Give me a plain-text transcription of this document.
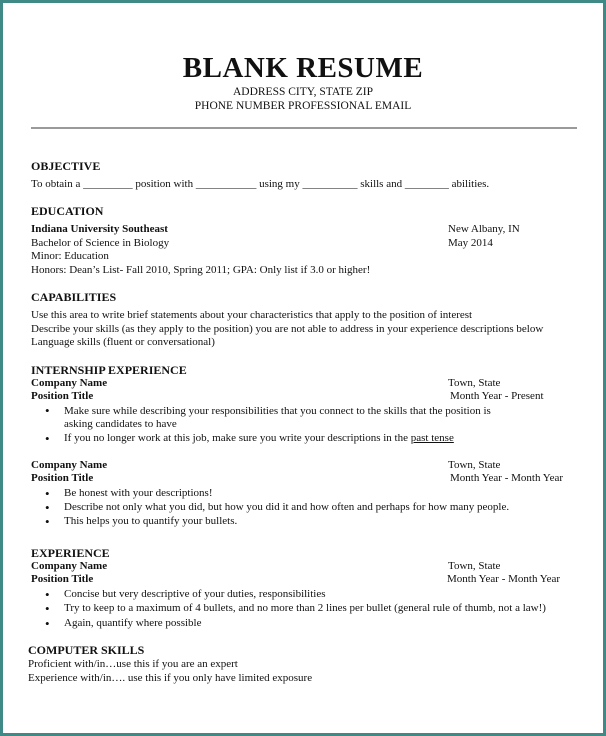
BLANK RESUME
ADDRESS CITY, STATE ZIP
PHONE NUMBER PROFESSIONAL EMAIL
OBJECTIVE
To obtain a _________ position with ___________ using my __________ skills and ________ abilities.
EDUCATION
Indiana University Southeast	New Albany, IN
Bachelor of Science in Biology	May 2014
Minor: Education
Honors: Dean’s List- Fall 2010, Spring 2011; GPA: Only list if 3.0 or higher!
CAPABILITIES
Use this area to write brief statements about your characteristics that apply to the position of interest
Describe your skills (as they apply to the position) you are not able to address in your experience descriptions below
Language skills (fluent or conversational)
INTERNSHIP EXPERIENCE
Company Name	Town, State
Position Title	Month Year - Present
• Make sure while describing your responsibilities that you connect to the skills that the position is
asking candidates to have
• If you no longer work at this job, make sure you write your descriptions in the past tense
Company Name	Town, State
Position Title	Month Year - Month Year
• Be honest with your descriptions!
• Describe not only what you did, but how you did it and how often and perhaps for how many people.
• This helps you to quantify your bullets.
EXPERIENCE
Company Name	Town, State
Position Title	Month Year - Month Year
• Concise but very descriptive of your duties, responsibilities
• Try to keep to a maximum of 4 bullets, and no more than 2 lines per bullet (general rule of thumb, not a law!)
• Again, quantify where possible
COMPUTER SKILLS
Proficient with/in…use this if you are an expert
Experience with/in…. use this if you only have limited exposure
